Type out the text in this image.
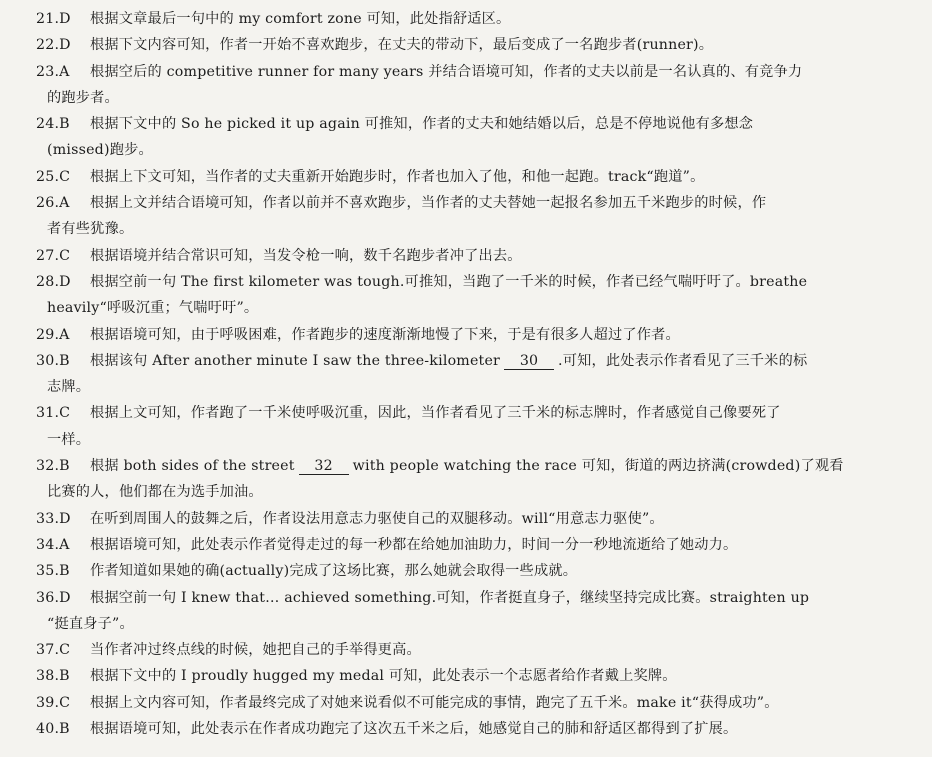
21.D 根据文章最后一句中的 my comfort zone 可知，此处指舒适区。
22.D 根据下文内容可知，作者一开始不喜欢跑步，在丈夫的带动下，最后变成了一名跑步者(runner)。
23.A 根据空后的 competitive runner for many years 并结合语境可知，作者的丈夫以前是一名认真的、有竞争力
的跑步者。
24.B 根据下文中的 So he picked it up again 可推知，作者的丈夫和她结婚以后，总是不停地说他有多想念
(missed)跑步。
25.C 根据上下文可知，当作者的丈夫重新开始跑步时，作者也加入了他，和他一起跑。track“跑道”。
26.A 根据上文并结合语境可知，作者以前并不喜欢跑步，当作者的丈夫替她一起报名参加五千米跑步的时候，作
者有些犹豫。
27.C 根据语境并结合常识可知，当发令枪一响，数千名跑步者冲了出去。
28.D 根据空前一句 The first kilometer was tough.可推知，当跑了一千米的时候，作者已经气喘吁吁了。breathe
heavily“呼吸沉重；气喘吁吁”。
29.A 根据语境可知，由于呼吸困难，作者跑步的速度渐渐地慢了下来，于是有很多人超过了作者。
30.B 根据该句 After another minute I saw the three-kilometer 30 .可知，此处表示作者看见了三千米的标
志牌。
31.C 根据上文可知，作者跑了一千米使呼吸沉重，因此，当作者看见了三千米的标志牌时，作者感觉自己像要死了
一样。
32.B 根据 both sides of the street 32 with people watching the race 可知，街道的两边挤满(crowded)了观看
比赛的人，他们都在为选手加油。
33.D 在听到周围人的鼓舞之后，作者设法用意志力驱使自己的双腿移动。will“用意志力驱使”。
34.A 根据语境可知，此处表示作者觉得走过的每一秒都在给她加油助力，时间一分一秒地流逝给了她动力。
35.B 作者知道如果她的确(actually)完成了这场比赛，那么她就会取得一些成就。
36.D 根据空前一句 I knew that… achieved something.可知，作者挺直身子，继续坚持完成比赛。straighten up
“挺直身子”。
37.C 当作者冲过终点线的时候，她把自己的手举得更高。
38.B 根据下文中的 I proudly hugged my medal 可知，此处表示一个志愿者给作者戴上奖牌。
39.C 根据上文内容可知，作者最终完成了对她来说看似不可能完成的事情，跑完了五千米。make it“获得成功”。
40.B 根据语境可知，此处表示在作者成功跑完了这次五千米之后，她感觉自己的肺和舒适区都得到了扩展。
